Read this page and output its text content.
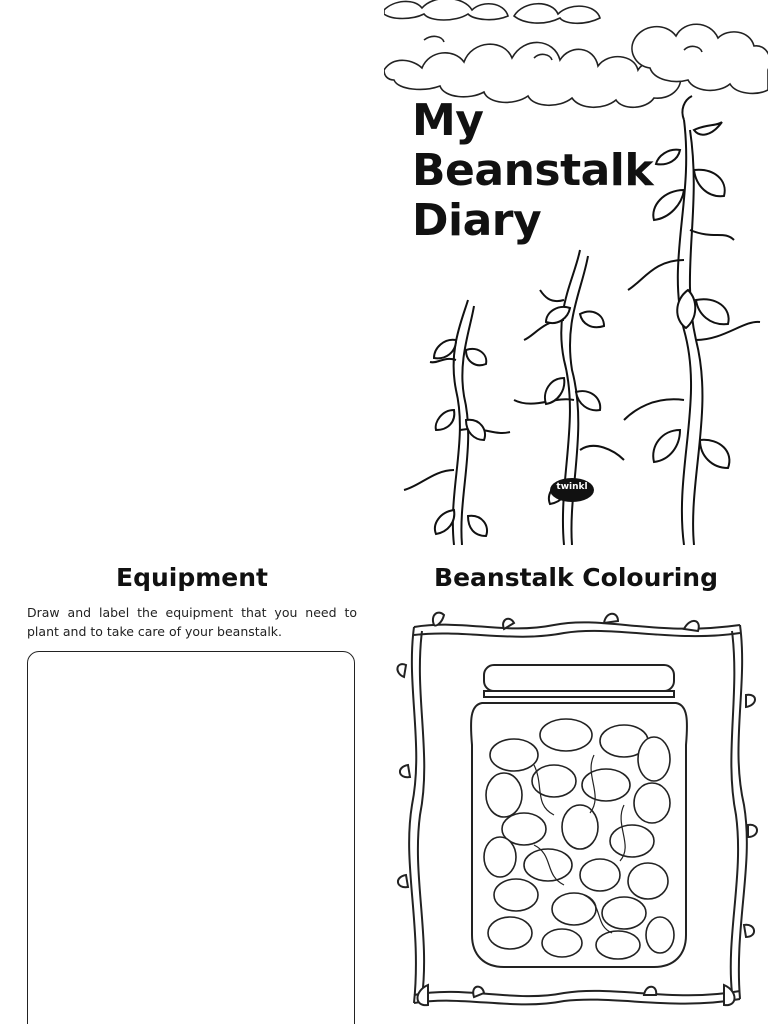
My
Beanstalk
Diary
twinkl
Equipment
Draw and label the equipment that you need to plant and to take care of your beanstalk.
Beanstalk Colouring
